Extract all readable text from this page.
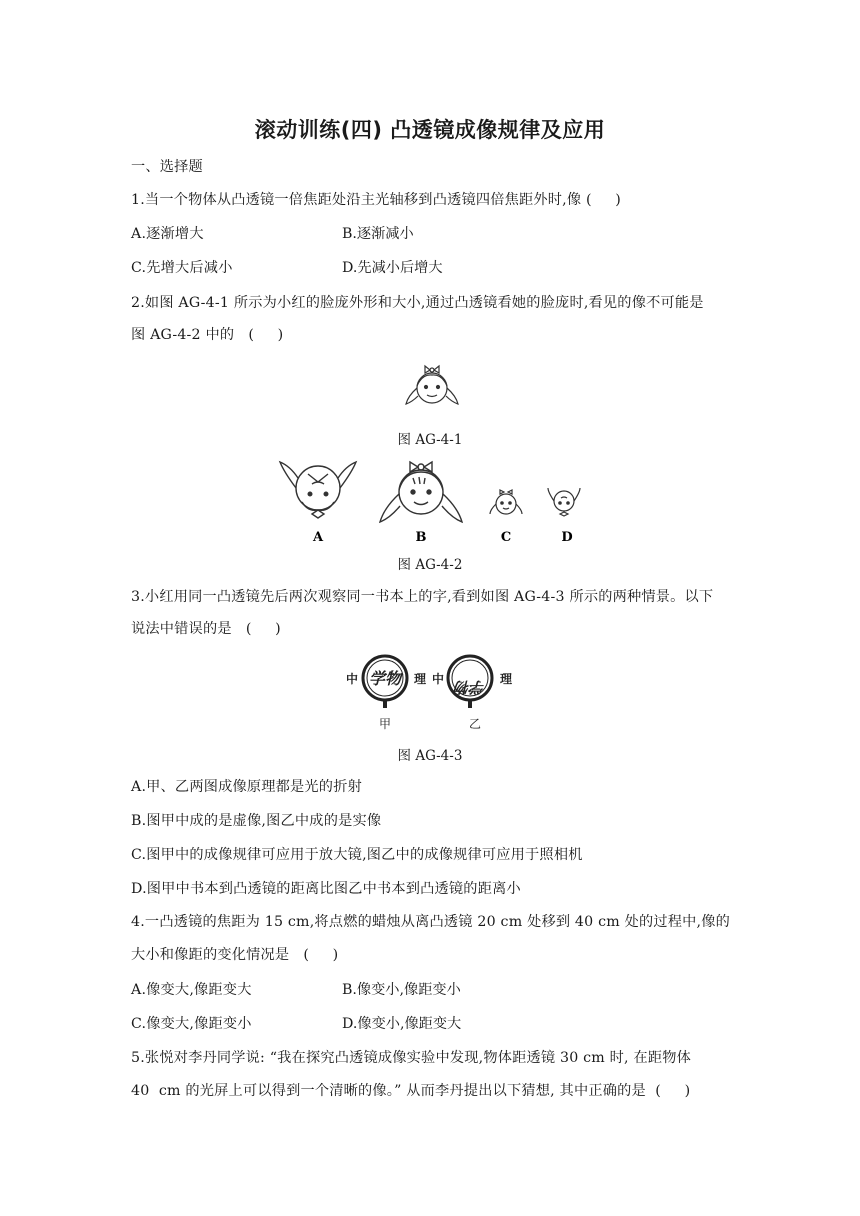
滚动训练(四) 凸透镜成像规律及应用
一、选择题
1.当一个物体从凸透镜一倍焦距处沿主光轴移到凸透镜四倍焦距外时,像 (     )
A.逐渐增大	B.逐渐减小
C.先增大后减小	D.先减小后增大
2.如图 AG-4-1 所示为小红的脸庞外形和大小,通过凸透镜看她的脸庞时,看见的像不可能是
图 AG-4-2 中的   (     )
图 AG-4-1
A	B	C	D
图 AG-4-2
3.小红用同一凸透镜先后两次观察同一书本上的字,看到如图 AG-4-3 所示的两种情景。以下
说法中错误的是   (     )
中	理 中	理
学物	学物
甲	乙
图 AG-4-3
A.甲、乙两图成像原理都是光的折射
B.图甲中成的是虚像,图乙中成的是实像
C.图甲中的成像规律可应用于放大镜,图乙中的成像规律可应用于照相机
D.图甲中书本到凸透镜的距离比图乙中书本到凸透镜的距离小
4.一凸透镜的焦距为 15 cm,将点燃的蜡烛从离凸透镜 20 cm 处移到 40 cm 处的过程中,像的
大小和像距的变化情况是   (     )
A.像变大,像距变大	B.像变小,像距变小
C.像变大,像距变小	D.像变小,像距变大
5.张悦对李丹同学说: “我在探究凸透镜成像实验中发现,物体距透镜 30 cm 时, 在距物体
40  cm 的光屏上可以得到一个清晰的像。” 从而李丹提出以下猜想, 其中正确的是  (     )
